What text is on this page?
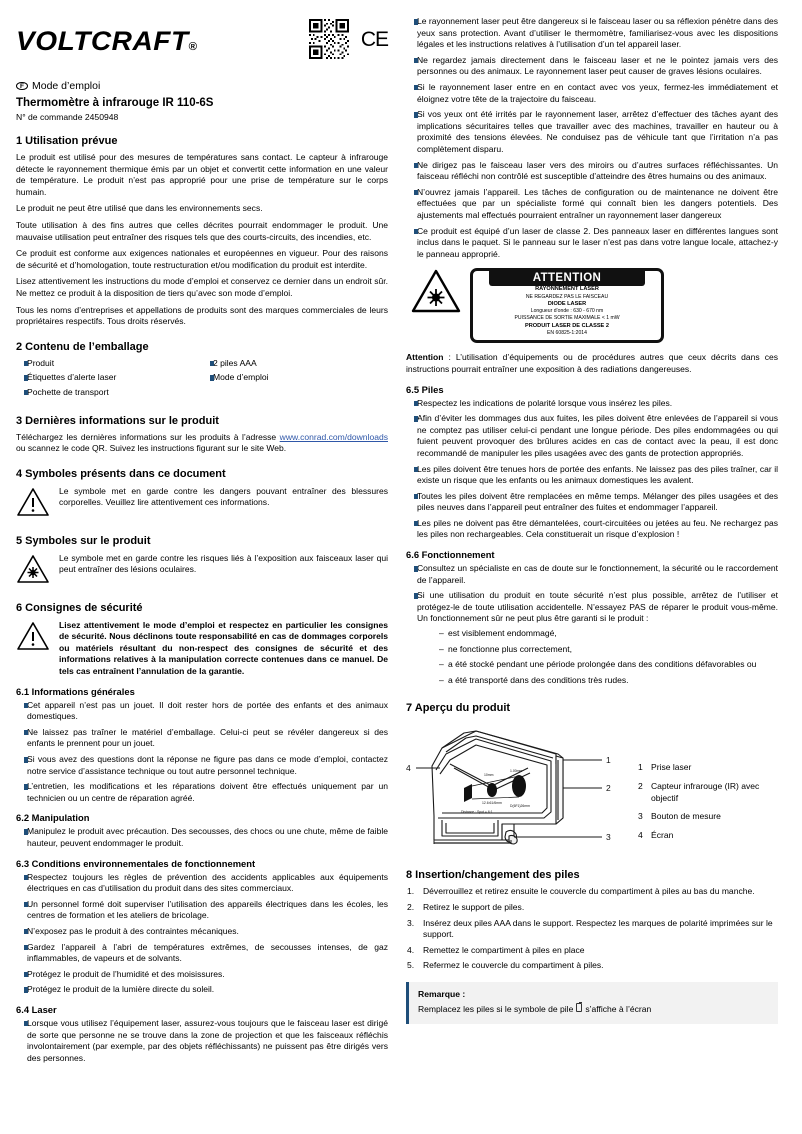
VOLTCRAFT®	CE
F Mode d’emploi
Thermomètre à infrarouge IR 110-6S
N° de commande 2450948
1 Utilisation prévue

Le produit est utilisé pour des mesures de températures sans contact. Le capteur à infrarouge détecte le rayonnement thermique émis par un objet et convertit cette information en une valeur de température. Le produit n’est pas approprié pour une prise de température sur le corps humain.

Le produit ne peut être utilisé que dans les environnements secs.

Toute utilisation à des fins autres que celles décrites pourrait endommager le produit. Une mauvaise utilisation peut entraîner des risques tels que des courts-circuits, des incendies, etc.

Ce produit est conforme aux exigences nationales et européennes en vigueur. Pour des raisons de sécurité et d’homologation, toute restructuration et/ou modification du produit est interdite.

Lisez attentivement les instructions du mode d’emploi et conservez ce dernier dans un endroit sûr. Ne mettez ce produit à la disposition de tiers qu’avec son mode d’emploi.

Tous les noms d’entreprises et appellations de produits sont des marques commerciales de leurs propriétaires respectifs. Tous droits réservés.

2 Contenu de l’emballage
Produit
Étiquettes d’alerte laser
Pochette de transport
2 piles AAA
Mode d’emploi
3 Dernières informations sur le produit

Téléchargez les dernières informations sur les produits à l’adresse www.conrad.com/downloads ou scannez le code QR. Suivez les instructions figurant sur le site Web.

4 Symboles présents dans ce document
Le symbole met en garde contre les dangers pouvant entraîner des blessures corporelles. Veuillez lire attentivement ces informations.
5 Symboles sur le produit
Le symbole met en garde contre les risques liés à l’exposition aux faisceaux laser qui peut entraîner des lésions oculaires.
6 Consignes de sécurité
Lisez attentivement le mode d’emploi et respectez en particulier les consignes de sécurité. Nous déclinons toute responsabilité en cas de dommages corporels ou matériels résultant du non-respect des consignes de sécurité et des informations relatives à la manipulation correcte contenues dans ce manuel. De tels cas entraînent l’annulation de la garantie.
6.1 Informations générales
Cet appareil n’est pas un jouet. Il doit rester hors de portée des enfants et des animaux domestiques.
Ne laissez pas traîner le matériel d’emballage. Celui-ci peut se révéler dangereux si des enfants le prennent pour un jouet.
Si vous avez des questions dont la réponse ne figure pas dans ce mode d’emploi, contactez notre service d’assistance technique ou tout autre personnel technique.
L’entretien, les modifications et les réparations doivent être effectués uniquement par un technicien ou un centre de réparation agréé.
6.2 Manipulation
Manipulez le produit avec précaution. Des secousses, des chocs ou une chute, même de faible hauteur, peuvent endommager le produit.
6.3 Conditions environnementales de fonctionnement
Respectez toujours les règles de prévention des accidents applicables aux équipements électriques en cas d’utilisation du produit dans des sites commerciaux.
Un personnel formé doit superviser l’utilisation des appareils électriques dans les écoles, les centres de formation et les ateliers de bricolage.
N’exposez pas le produit à des contraintes mécaniques.
Gardez l’appareil à l’abri de températures extrêmes, de secousses intenses, de gaz inflammables, de vapeurs et de solvants.
Protégez le produit de l’humidité et des moisissures.
Protégez le produit de la lumière directe du soleil.
6.4 Laser
Lorsque vous utilisez l’équipement laser, assurez-vous toujours que le faisceau laser est dirigé de sorte que personne ne se trouve dans la zone de projection et que les faisceaux réfléchis involontairement (par exemple, par des objets réfléchissants) ne puissent pas être dirigés vers des personnes.
Le rayonnement laser peut être dangereux si le faisceau laser ou sa réflexion pénètre dans des yeux sans protection. Avant d’utiliser le thermomètre, familiarisez-vous avec les dispositions légales et les instructions relatives à l’utilisation d’un tel appareil laser.
Ne regardez jamais directement dans le faisceau laser et ne le pointez jamais vers des personnes ou des animaux. Le rayonnement laser peut causer de graves lésions oculaires.
Si le rayonnement laser entre en en contact avec vos yeux, fermez-les immédiatement et éloignez votre tête de la trajectoire du faisceau.
Si vos yeux ont été irrités par le rayonnement laser, arrêtez d’effectuer des tâches ayant des implications sécuritaires telles que travailler avec des machines, travailler en hauteur ou à proximité des tensions élevées. Ne conduisez pas de véhicule tant que l’irritation n’a pas complètement disparu.
Ne dirigez pas le faisceau laser vers des miroirs ou d’autres surfaces réfléchissantes. Un faisceau réfléchi non contrôlé est susceptible d’atteindre des êtres humains ou des animaux.
N’ouvrez jamais l’appareil. Les tâches de configuration ou de maintenance ne doivent être effectuées que par un spécialiste formé qui connaît bien les dangers potentiels. Des ajustements mal effectués pourraient entraîner un rayonnement laser dangereux
Ce produit est équipé d’un laser de classe 2. Des panneaux laser en différentes langues sont inclus dans le paquet. Si le panneau sur le laser n’est pas dans votre langue locale, attachez-y le panneau approprié.
ATTENTION
RAYONNEMENT LASER
NE REGARDEZ PAS LE FAISCEAU
DIODE LASER
Longueur d’onde : 630 - 670 nm
PUISSANCE DE SORTIE MAXIMALE < 1 mW
PRODUIT LASER DE CLASSE 2
EN 60825-1:2014

Attention : L’utilisation d’équipements ou de procédures autres que ceux décrits dans ces instructions pourrait entraîner une exposition à des radiations dangereuses.

6.5 Piles
Respectez les indications de polarité lorsque vous insérez les piles.
Afin d’éviter les dommages dus aux fuites, les piles doivent être enlevées de l’appareil si vous ne comptez pas utiliser celui-ci pendant une longue période. Des piles endommagées ou qui fuient peuvent provoquer des brûlures acides en cas de contact avec la peau, il est donc recommandé de manipuler les piles usagées avec des gants de protection appropriés.
Les piles doivent être tenues hors de portée des enfants. Ne laissez pas des piles traîner, car il existe un risque que les enfants ou les animaux domestiques les avalent.
Toutes les piles doivent être remplacées en même temps. Mélanger des piles usagées et des piles neuves dans l’appareil peut entraîner des fuites et endommager l’appareil.
Les piles ne doivent pas être démantelées, court-circuitées ou jetées au feu. Ne rechargez pas les piles non rechargeables. Cela constituerait un risque d’explosion !
6.6 Fonctionnement
Consultez un spécialiste en cas de doute sur le fonctionnement, la sécurité ou le raccordement de l’appareil.
Si une utilisation du produit en toute sécurité n’est plus possible, arrêtez de l’utiliser et protégez-le de toute utilisation accidentelle. N’essayez PAS de réparer le produit vous-même. Un fonctionnement sûr ne peut plus être garanti si le produit :
– est visiblement endommagé,
– ne fonctionne plus correctement,
– a été stocké pendant une période prolongée dans des conditions défavorables ou
– a été transporté dans des conditions très rudes.
7 Aperçu du produit
10mm
1.00mm
12.6:61/6mm
D(6F1)26mm
Distance : Spot = 6:1
1
2
3
4	1 Prise laser
2 Capteur infrarouge (IR) avec objectif
3 Bouton de mesure
4 Écran
8 Insertion/changement des piles
Déverrouillez et retirez ensuite le couvercle du compartiment à piles au bas du manche.
Retirez le support de piles.
Insérez deux piles AAA dans le support. Respectez les marques de polarité imprimées sur le support.
Remettez le compartiment à piles en place
Refermez le couvercle du compartiment à piles.
Remarque :
Remplacez les piles si le symbole de pile s’affiche à l’écran
